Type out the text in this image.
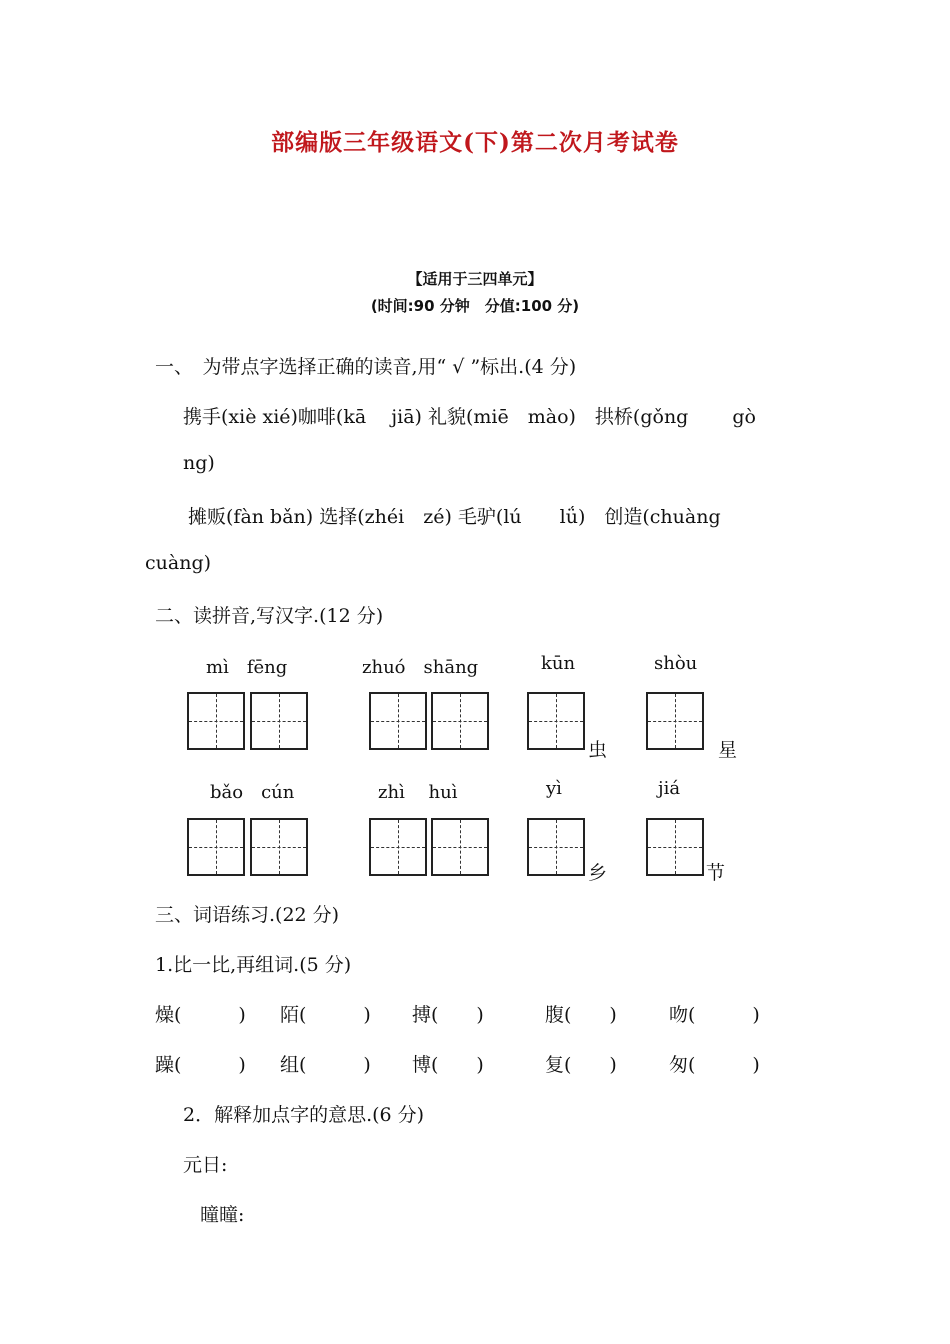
部编版三年级语文(下)第二次月考试卷
【适用于三四单元】
(时间:90 分钟　分值:100 分)
一、　为带点字选择正确的读音,用“ √ ”标出.(4 分)
携手(xiè xié)咖啡(kā　 jiā) 礼貌(miē　mào)　拱桥(gǒng　　 gò
ng)
摊贩(fàn bǎn) 选择(zhéi　zé) 毛驴(lú　　lǘ)　创造(chuàng
cuàng)
二、读拼音,写汉字.(12 分)
mì　fēng	zhuó　shāng	kūn	shòu
虫	星
bǎo　cún	zhì　 huì	yì	jiá
乡	节
三、词语练习.(22 分)
1.比一比,再组词.(5 分)
燥(　　　) 陌(　　　) 搏(　　)	腹(　　)	吻(　　　)
躁(　　　) 组(　　　) 博(　　)	复(　　)	匆(　　　)
2．解释加点字的意思.(6 分)
元日:
曈曈:
